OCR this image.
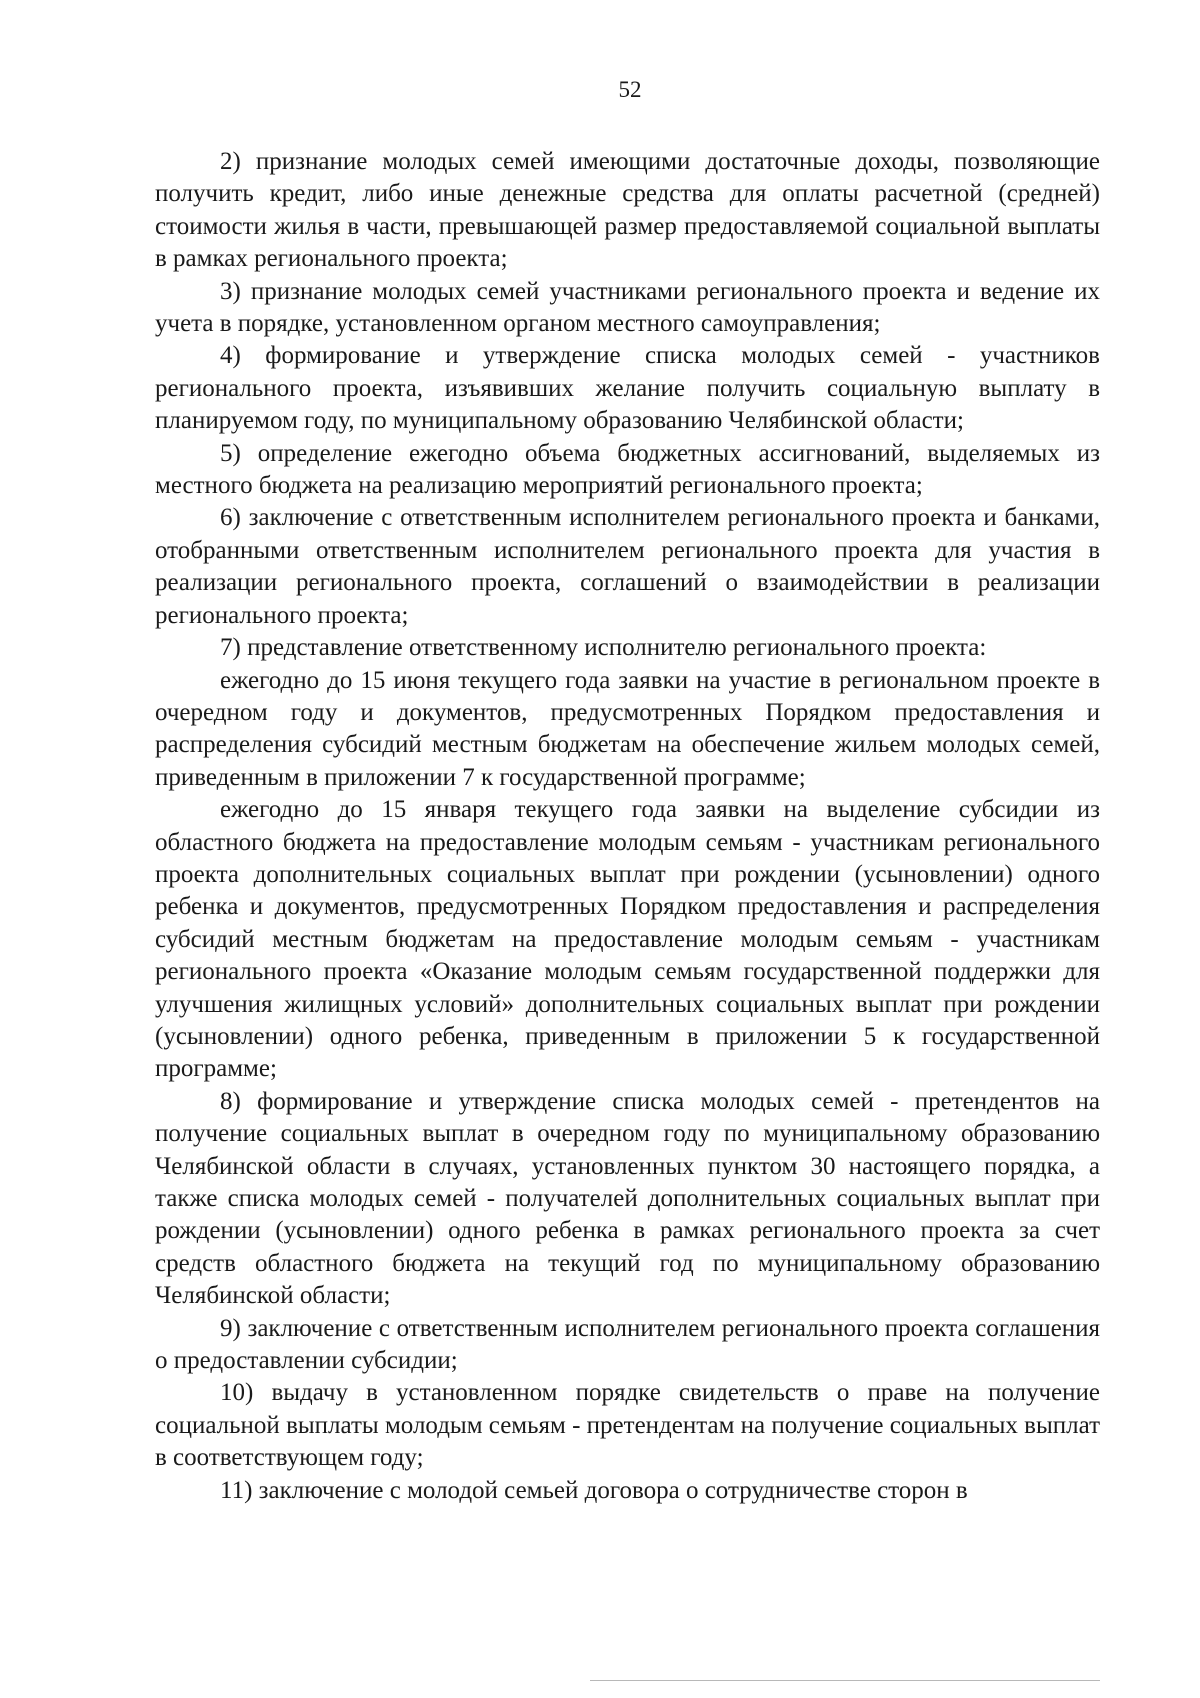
52

2) признание молодых семей имеющими достаточные доходы, позволяющие получить кредит, либо иные денежные средства для оплаты расчетной (средней) стоимости жилья в части, превышающей размер предоставляемой социальной выплаты в рамках регионального проекта;

3) признание молодых семей участниками регионального проекта и ведение их учета в порядке, установленном органом местного самоуправления;

4) формирование и утверждение списка молодых семей - участников регионального проекта, изъявивших желание получить социальную выплату в планируемом году, по муниципальному образованию Челябинской области;

5) определение ежегодно объема бюджетных ассигнований, выделяемых из местного бюджета на реализацию мероприятий регионального проекта;

6) заключение с ответственным исполнителем регионального проекта и банками, отобранными ответственным исполнителем регионального проекта для участия в реализации регионального проекта, соглашений о взаимодействии в реализации регионального проекта;

7) представление ответственному исполнителю регионального проекта:

ежегодно до 15 июня текущего года заявки на участие в региональном проекте в очередном году и документов, предусмотренных Порядком предоставления и распределения субсидий местным бюджетам на обеспечение жильем молодых семей, приведенным в приложении 7 к государственной программе;

ежегодно до 15 января текущего года заявки на выделение субсидии из областного бюджета на предоставление молодым семьям - участникам регионального проекта дополнительных социальных выплат при рождении (усыновлении) одного ребенка и документов, предусмотренных Порядком предоставления и распределения субсидий местным бюджетам на предоставление молодым семьям - участникам регионального проекта «Оказание молодым семьям государственной поддержки для улучшения жилищных условий» дополнительных социальных выплат при рождении (усыновлении) одного ребенка, приведенным в приложении 5 к государственной программе;

8) формирование и утверждение списка молодых семей - претендентов на получение социальных выплат в очередном году по муниципальному образованию Челябинской области в случаях, установленных пунктом 30 настоящего порядка, а также списка молодых семей - получателей дополнительных социальных выплат при рождении (усыновлении) одного ребенка в рамках регионального проекта за счет средств областного бюджета на текущий год по муниципальному образованию Челябинской области;

9) заключение с ответственным исполнителем регионального проекта соглашения о предоставлении субсидии;

10) выдачу в установленном порядке свидетельств о праве на получение социальной выплаты молодым семьям - претендентам на получение социальных выплат в соответствующем году;

11) заключение с молодой семьей договора о сотрудничестве сторон в
